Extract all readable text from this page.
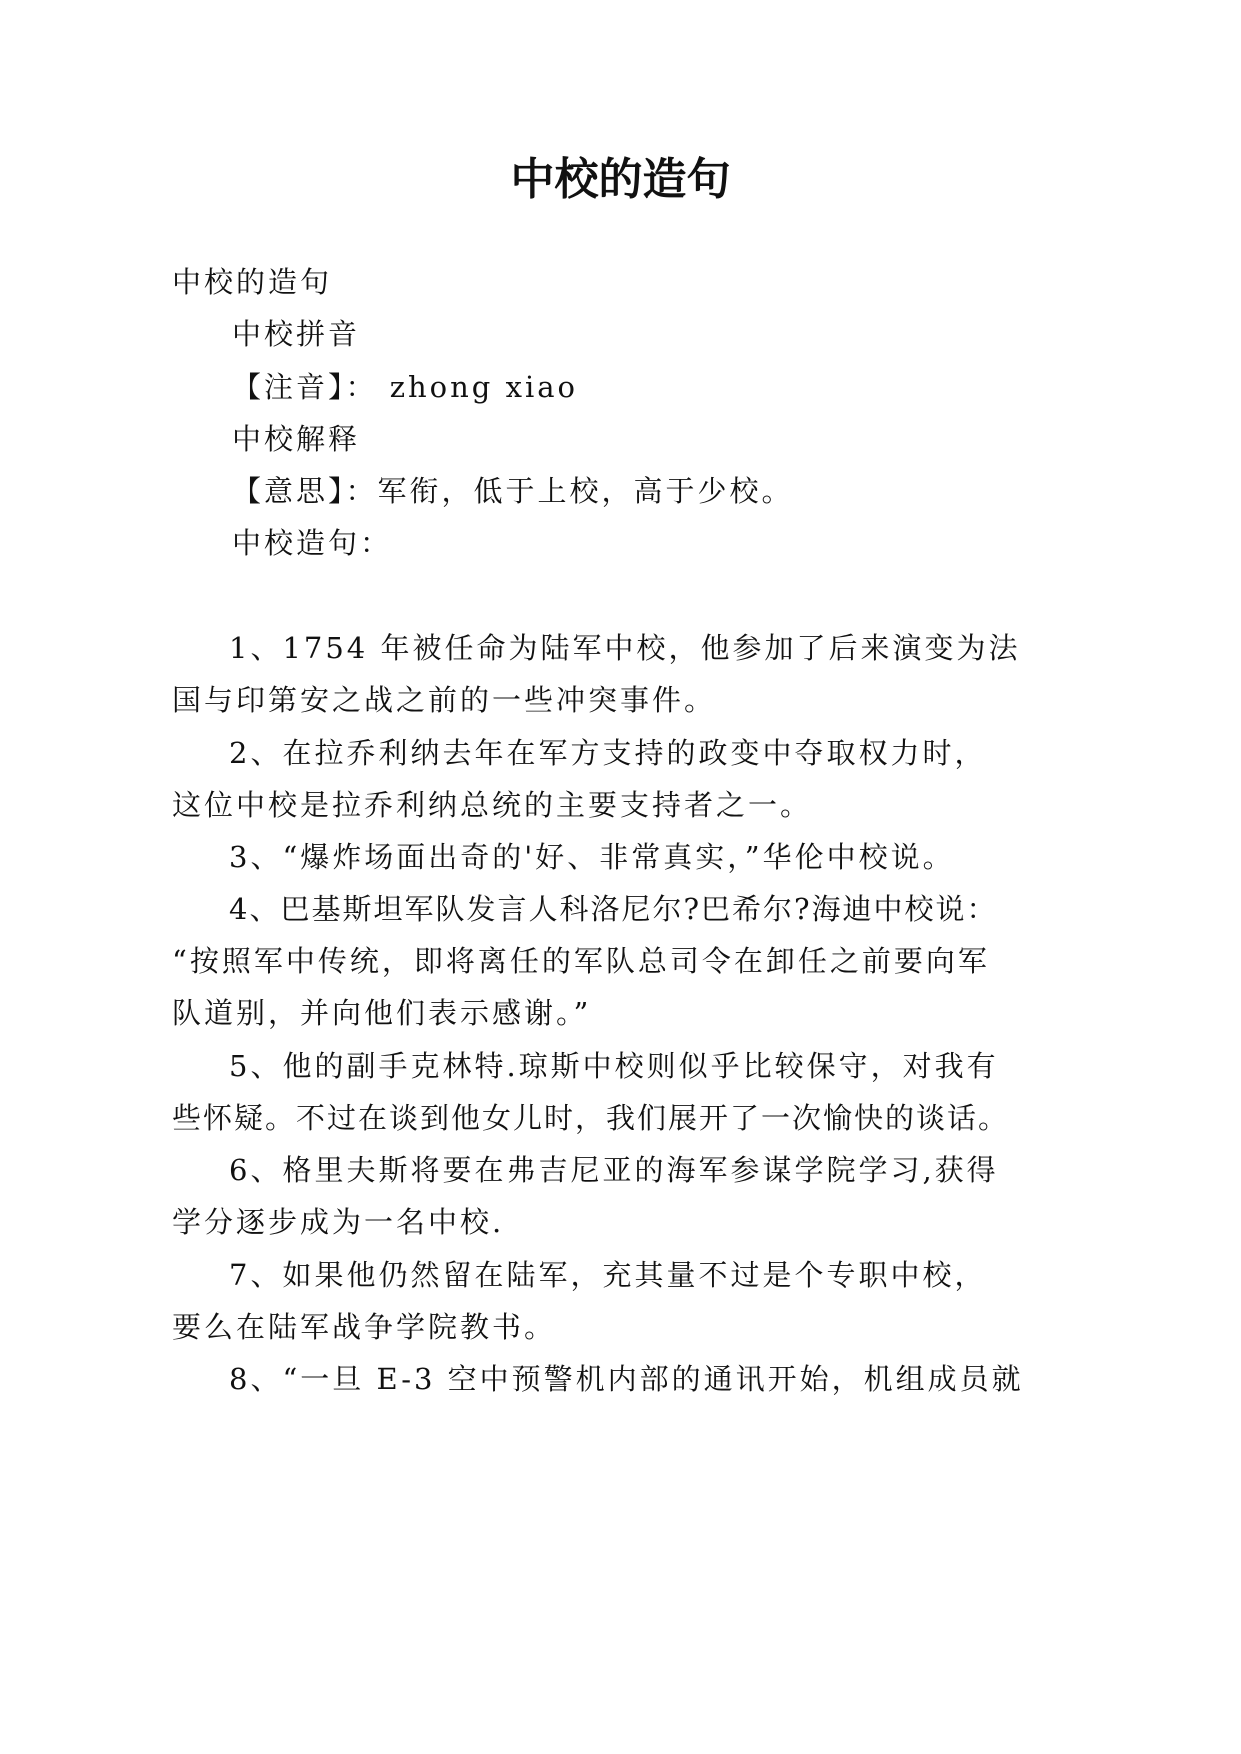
中校的造句

中校的造句

中校拼音

【注音】： zhong xiao

中校解释

【意思】：军衔，低于上校，高于少校。

中校造句：

1、1754 年被任命为陆军中校，他参加了后来演变为法

国与印第安之战之前的一些冲突事件。

2、在拉乔利纳去年在军方支持的政变中夺取权力时，

这位中校是拉乔利纳总统的主要支持者之一。

3、“爆炸场面出奇的'好、非常真实，”华伦中校说。

4、巴基斯坦军队发言人科洛尼尔?巴希尔?海迪中校说：

“按照军中传统，即将离任的军队总司令在卸任之前要向军

队道别，并向他们表示感谢。”

5、他的副手克林特.琼斯中校则似乎比较保守，对我有

些怀疑。不过在谈到他女儿时，我们展开了一次愉快的谈话。

6、格里夫斯将要在弗吉尼亚的海军参谋学院学习,获得

学分逐步成为一名中校.

7、如果他仍然留在陆军，充其量不过是个专职中校，

要么在陆军战争学院教书。

8、“一旦 E-3 空中预警机内部的通讯开始，机组成员就
